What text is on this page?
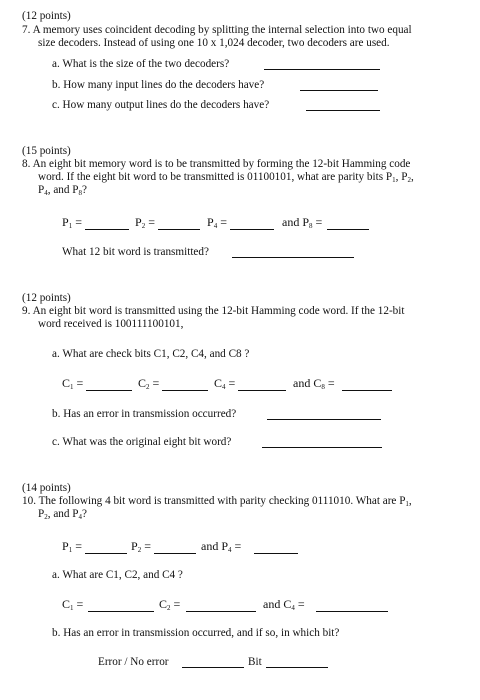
(12 points)
7. A memory uses coincident decoding by splitting the internal selection into two equal
size decoders. Instead of using one 10 x 1,024 decoder, two decoders are used.
a. What is the size of the two decoders?
b. How many input lines do the decoders have?
c. How many output lines do the decoders have?
(15 points)
8. An eight bit memory word is to be transmitted by forming the 12-bit Hamming code
word. If the eight bit word to be transmitted is 01100101, what are parity bits $P_1$, $P_2$,
$P_4$, and $P_8$?
$P_1$ =	$P_2$ =	$P_4$ =	and $P_8$ =
What 12 bit word is transmitted?
(12 points)
9. An eight bit word is transmitted using the 12-bit Hamming code word. If the 12-bit
word received is 100111100101,
a. What are check bits C1, C2, C4, and C8 ?
$C_1$ =	$C_2$ =	$C_4$ =	and $C_8$ =
b. Has an error in transmission occurred?
c. What was the original eight bit word?
(14 points)
10. The following 4 bit word is transmitted with parity checking 0111010. What are $P_1$,
$P_2$, and $P_4$?
$P_1$ =	$P_2$ =	and $P_4$ =
a. What are C1, C2, and C4 ?
$C_1$ =	$C_2$ =	and $C_4$ =
b. Has an error in transmission occurred, and if so, in which bit?
Error / No error	Bit
